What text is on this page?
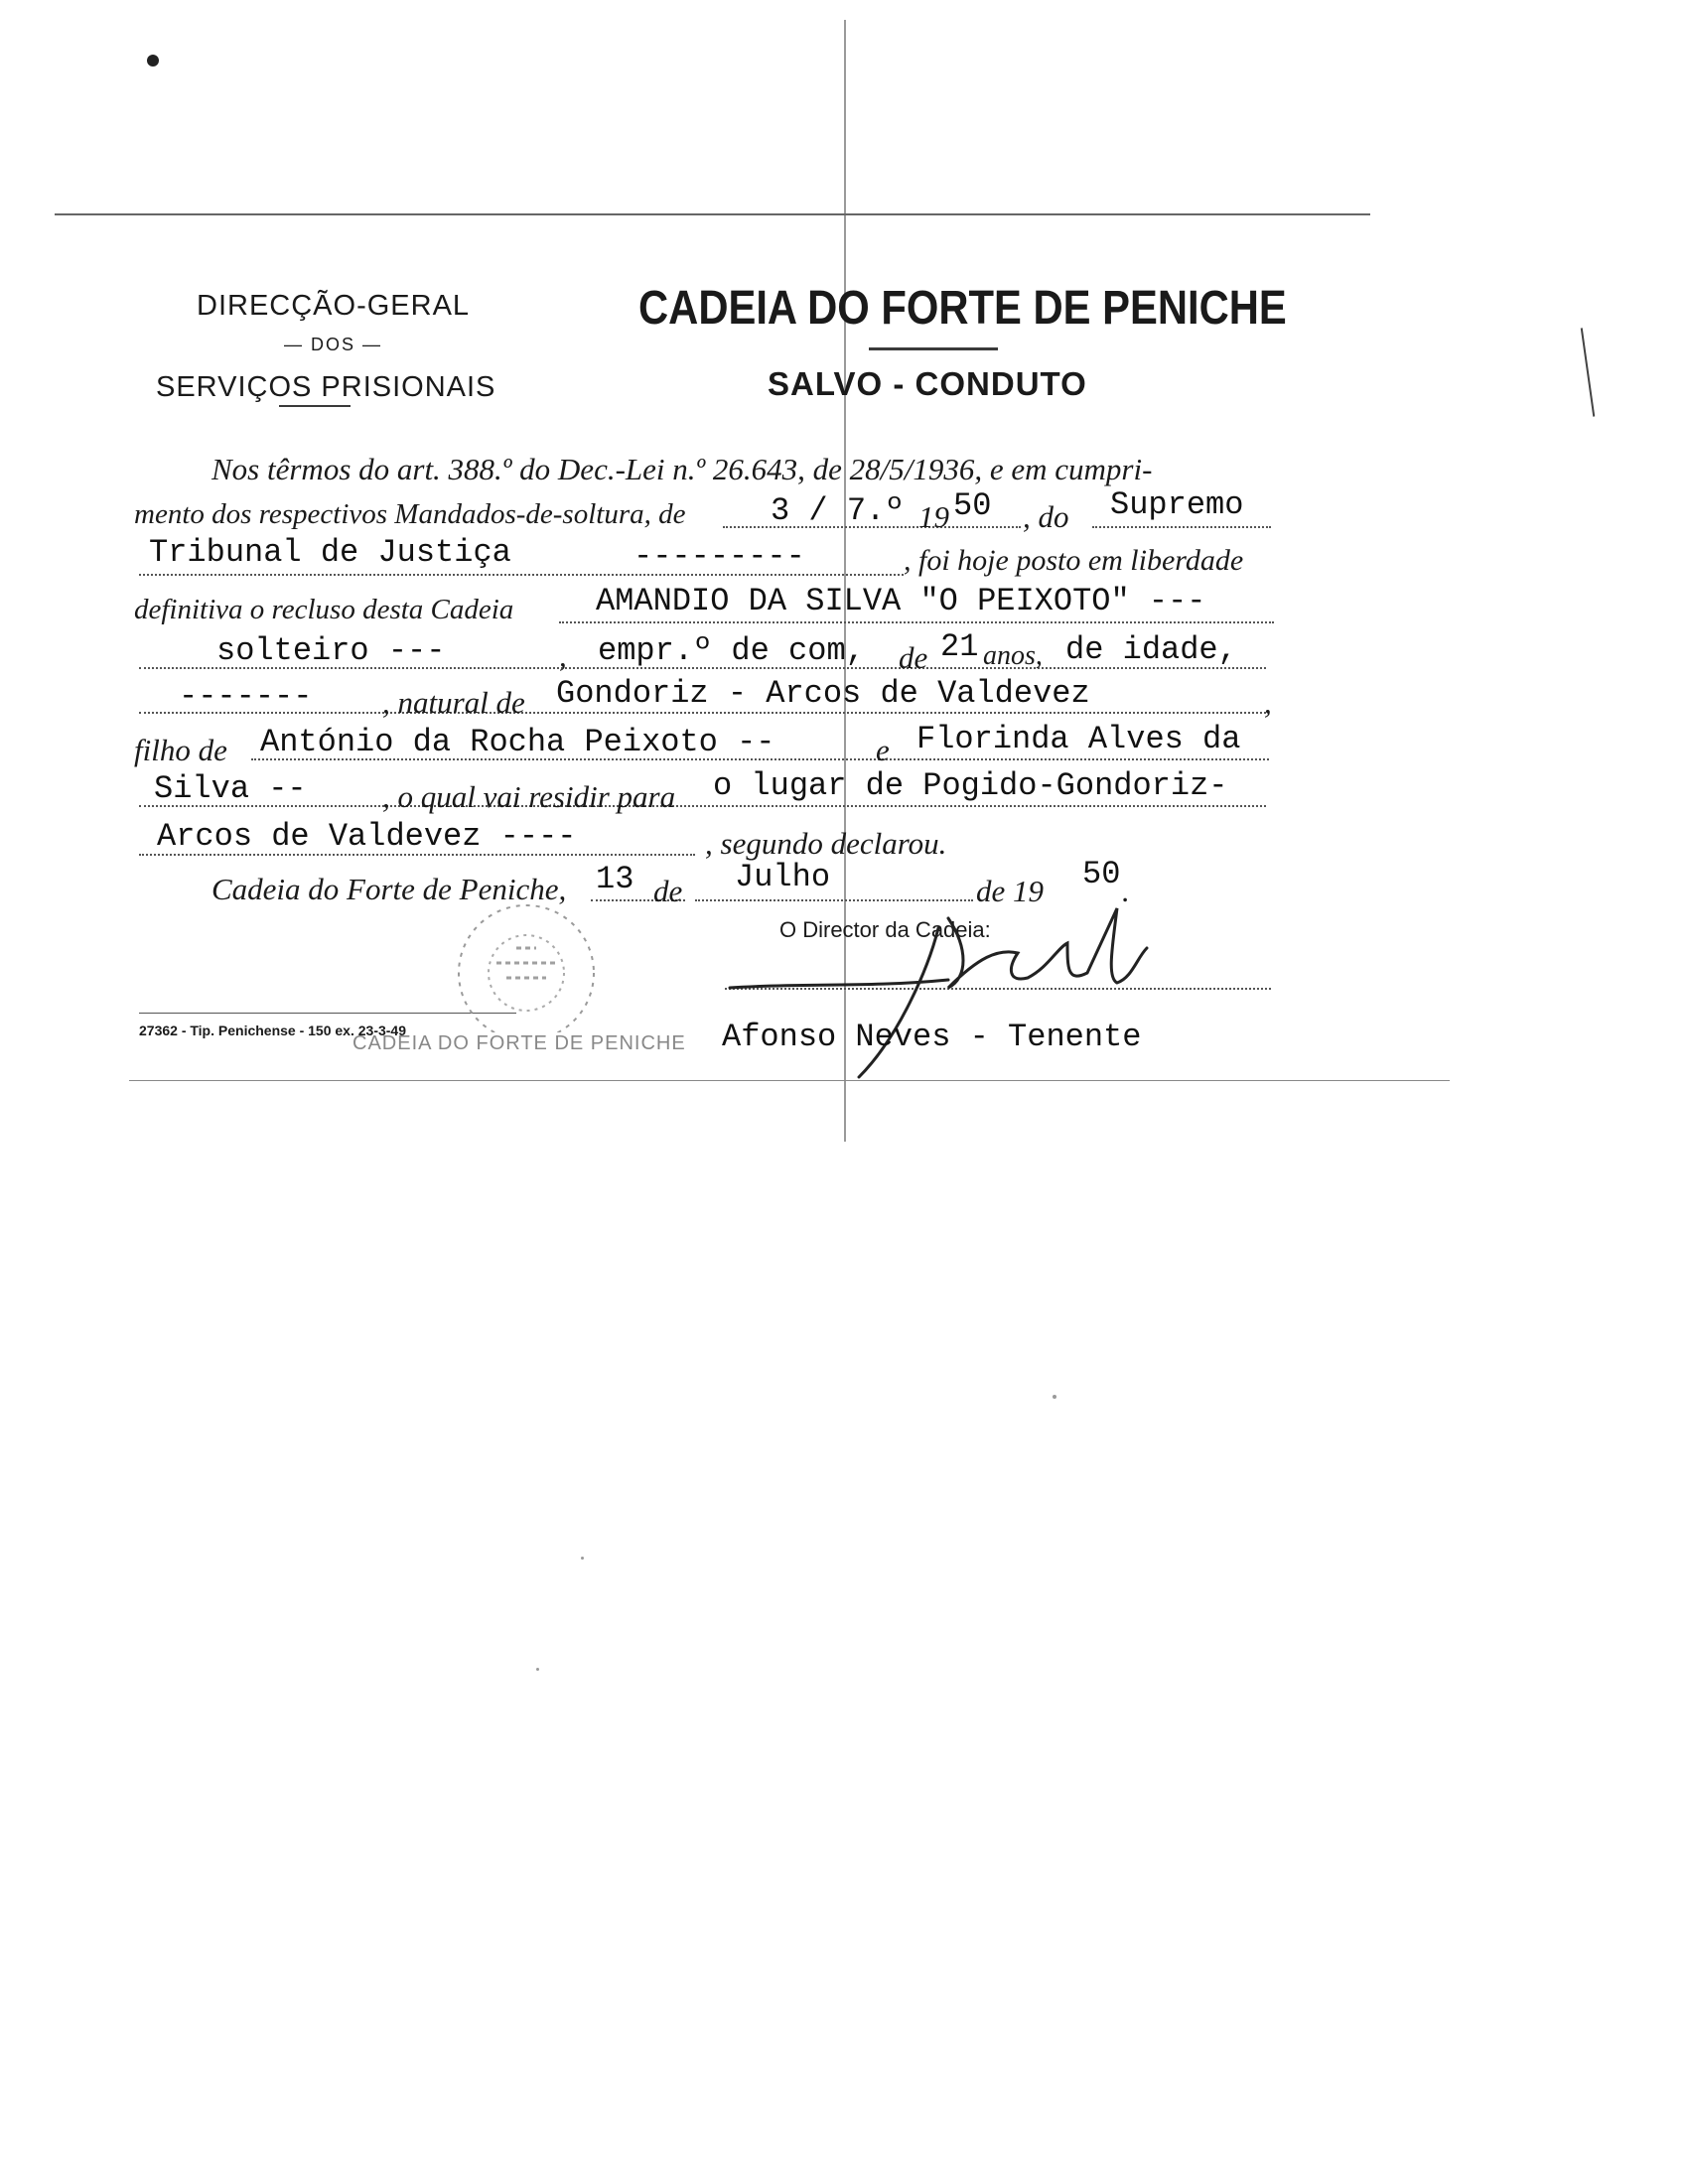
DIRECÇÃO-GERAL
— DOS —
SERVIÇOS PRISIONAIS
CADEIA DO FORTE DE PENICHE
SALVO - CONDUTO
Nos têrmos do art. 388.º do Dec.-Lei n.º 26.643, de 28/5/1936, e em cumpri-
mento dos respectivos Mandados-de-soltura, de	3 / 7.º 19 50 , do Supremo
Tribunal de Justiça	---------	, foi hoje posto em liberdade
definitiva o recluso desta Cadeia	AMANDIO DA SILVA "O PEIXOTO" ---
solteiro ---	, empr.º de com, de 21 anos, de idade,
------- , natural de Gondoriz - Arcos de Valdevez	,
filho de António da Rocha Peixoto --	e Florinda Alves da
Silva -- , o qual vai residir para o lugar de Pogido-Gondoriz-
Arcos de Valdevez ----	, segundo declarou.
Cadeia do Forte de Peniche, 13 de Julho	de 19 50 .
O Director da Cadeia:
Afonso Neves - Tenente
27362 - Tip. Penichense - 150 ex. 23-3-49
CADEIA DO FORTE DE PENICHE
